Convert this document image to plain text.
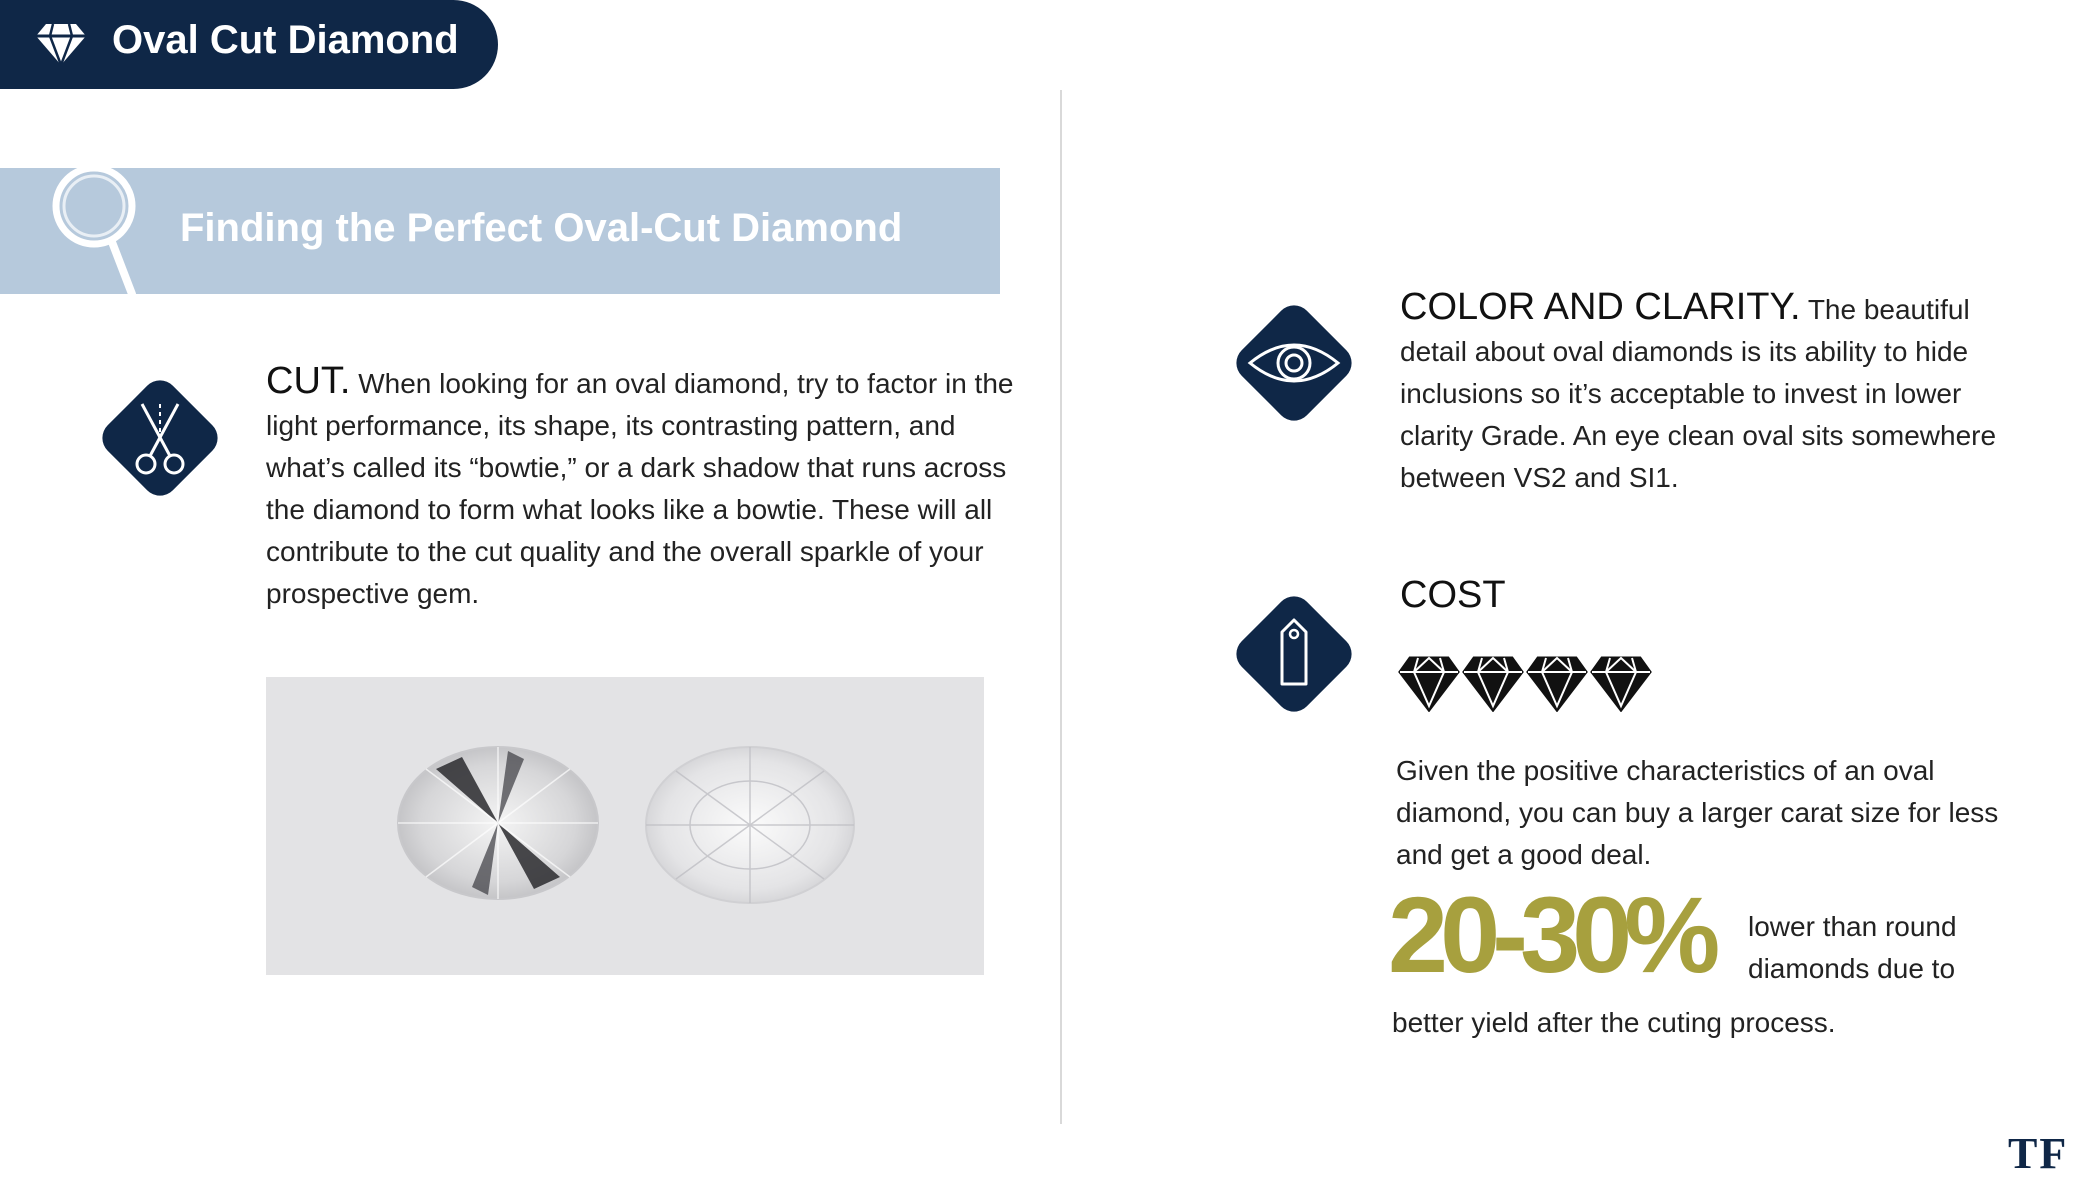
Oval Cut Diamond
Finding the Perfect Oval-Cut Diamond
CUT. When looking for an oval diamond, try to factor in the light performance, its shape, its contrasting pattern, and what’s called its “bowtie,” or a dark shadow that runs across the diamond to form what looks like a bowtie. These will all contribute to the cut quality and the overall sparkle of your prospective gem.
COLOR AND CLARITY. The beautiful detail about oval diamonds is its ability to hide inclusions so it’s acceptable to invest in lower clarity Grade. An eye clean oval sits somewhere between VS2 and SI1.
COST
Given the positive characteristics of an oval diamond, you can buy a larger carat size for less and get a good deal.
20-30% lower than round diamonds due to
better yield after the cuting process.
TF
